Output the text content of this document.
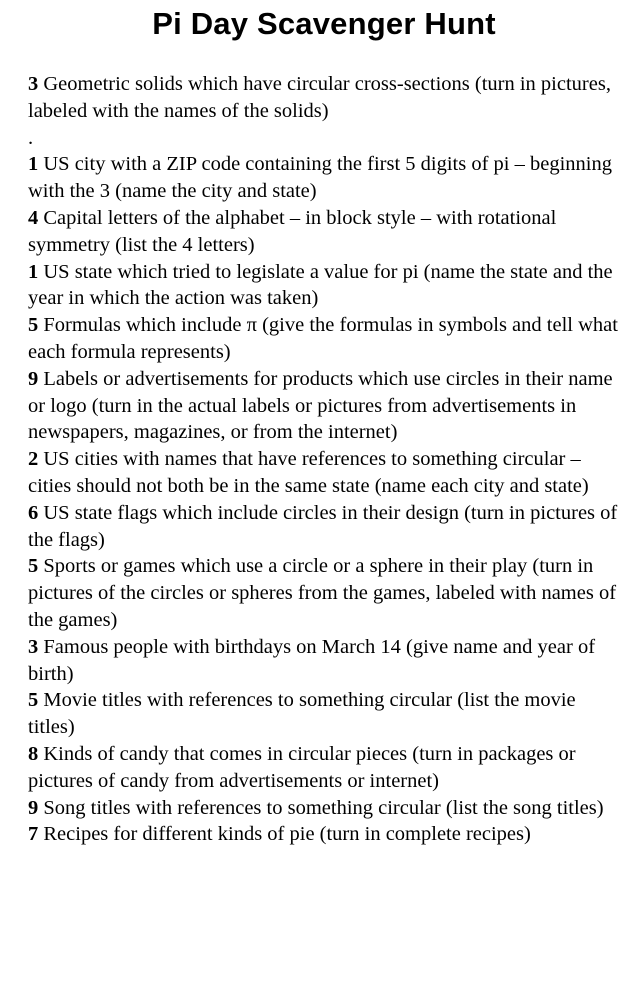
Pi Day Scavenger Hunt

3 Geometric solids which have circular cross-sections (turn in pictures, labeled with the names of the solids)

.

1 US city with a ZIP code containing the first 5 digits of pi – beginning with the 3 (name the city and state)

4 Capital letters of the alphabet – in block style – with rotational symmetry (list the 4 letters)

1 US state which tried to legislate a value for pi (name the state and the year in which the action was taken)

5 Formulas which include π (give the formulas in symbols and tell what each formula represents)

9 Labels or advertisements for products which use circles in their name or logo (turn in the actual labels or pictures from advertisements in newspapers, magazines, or from the internet)

2 US cities with names that have references to something circular – cities should not both be in the same state (name each city and state)

6 US state flags which include circles in their design (turn in pictures of the flags)

5 Sports or games which use a circle or a sphere in their play (turn in pictures of the circles or spheres from the games, labeled with names of the games)

3 Famous people with birthdays on March 14 (give name and year of birth)

5 Movie titles with references to something circular (list the movie titles)

8 Kinds of candy that comes in circular pieces (turn in packages or pictures of candy from advertisements or internet)

9 Song titles with references to something circular (list the song titles)

7 Recipes for different kinds of pie (turn in complete recipes)
